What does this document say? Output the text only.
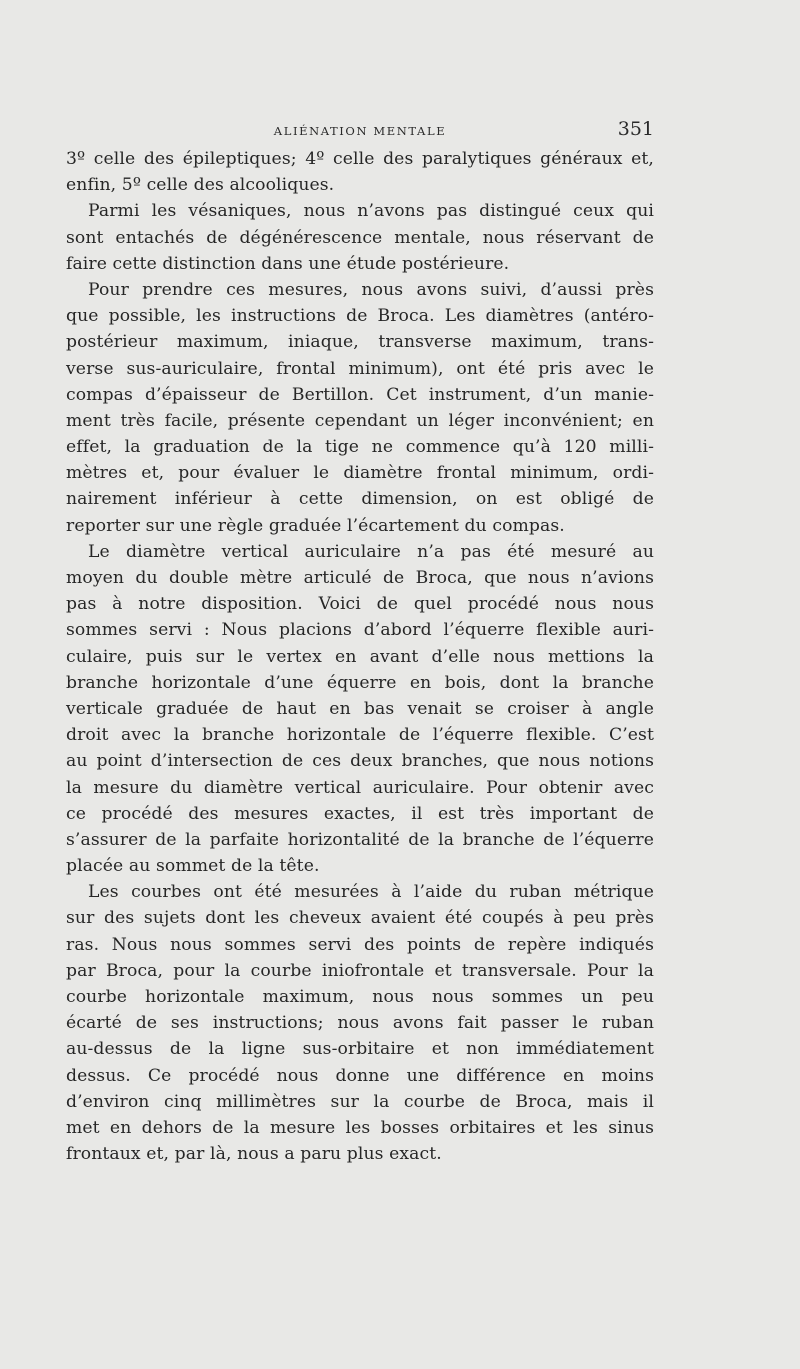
ALIÉNATION MENTALE	351
3º celle des épileptiques; 4º celle des paralytiques généraux et,
enfin, 5º celle des alcooliques.
Parmi les vésaniques, nous n’avons pas distingué ceux qui
sont entachés de dégénérescence mentale, nous réservant de
faire cette distinction dans une étude postérieure.
Pour prendre ces mesures, nous avons suivi, d’aussi près
que possible, les instructions de Broca. Les diamètres (antéro-
postérieur maximum, iniaque, transverse maximum, trans-
verse sus-auriculaire, frontal minimum), ont été pris avec le
compas d’épaisseur de Bertillon. Cet instrument, d’un manie-
ment très facile, présente cependant un léger inconvénient; en
effet, la graduation de la tige ne commence qu’à 120 milli-
mètres et, pour évaluer le diamètre frontal minimum, ordi-
nairement inférieur à cette dimension, on est obligé de
reporter sur une règle graduée l’écartement du compas.
Le diamètre vertical auriculaire n’a pas été mesuré au
moyen du double mètre articulé de Broca, que nous n’avions
pas à notre disposition. Voici de quel procédé nous nous
sommes servi : Nous placions d’abord l’équerre flexible auri-
culaire, puis sur le vertex en avant d’elle nous mettions la
branche horizontale d’une équerre en bois, dont la branche
verticale graduée de haut en bas venait se croiser à angle
droit avec la branche horizontale de l’équerre flexible. C’est
au point d’intersection de ces deux branches, que nous notions
la mesure du diamètre vertical auriculaire. Pour obtenir avec
ce procédé des mesures exactes, il est très important de
s’assurer de la parfaite horizontalité de la branche de l’équerre
placée au sommet de la tête.
Les courbes ont été mesurées à l’aide du ruban métrique
sur des sujets dont les cheveux avaient été coupés à peu près
ras. Nous nous sommes servi des points de repère indiqués
par Broca, pour la courbe iniofrontale et transversale. Pour la
courbe horizontale maximum, nous nous sommes un peu
écarté de ses instructions; nous avons fait passer le ruban
au-dessus de la ligne sus-orbitaire et non immédiatement
dessus. Ce procédé nous donne une différence en moins
d’environ cinq millimètres sur la courbe de Broca, mais il
met en dehors de la mesure les bosses orbitaires et les sinus
frontaux et, par là, nous a paru plus exact.
